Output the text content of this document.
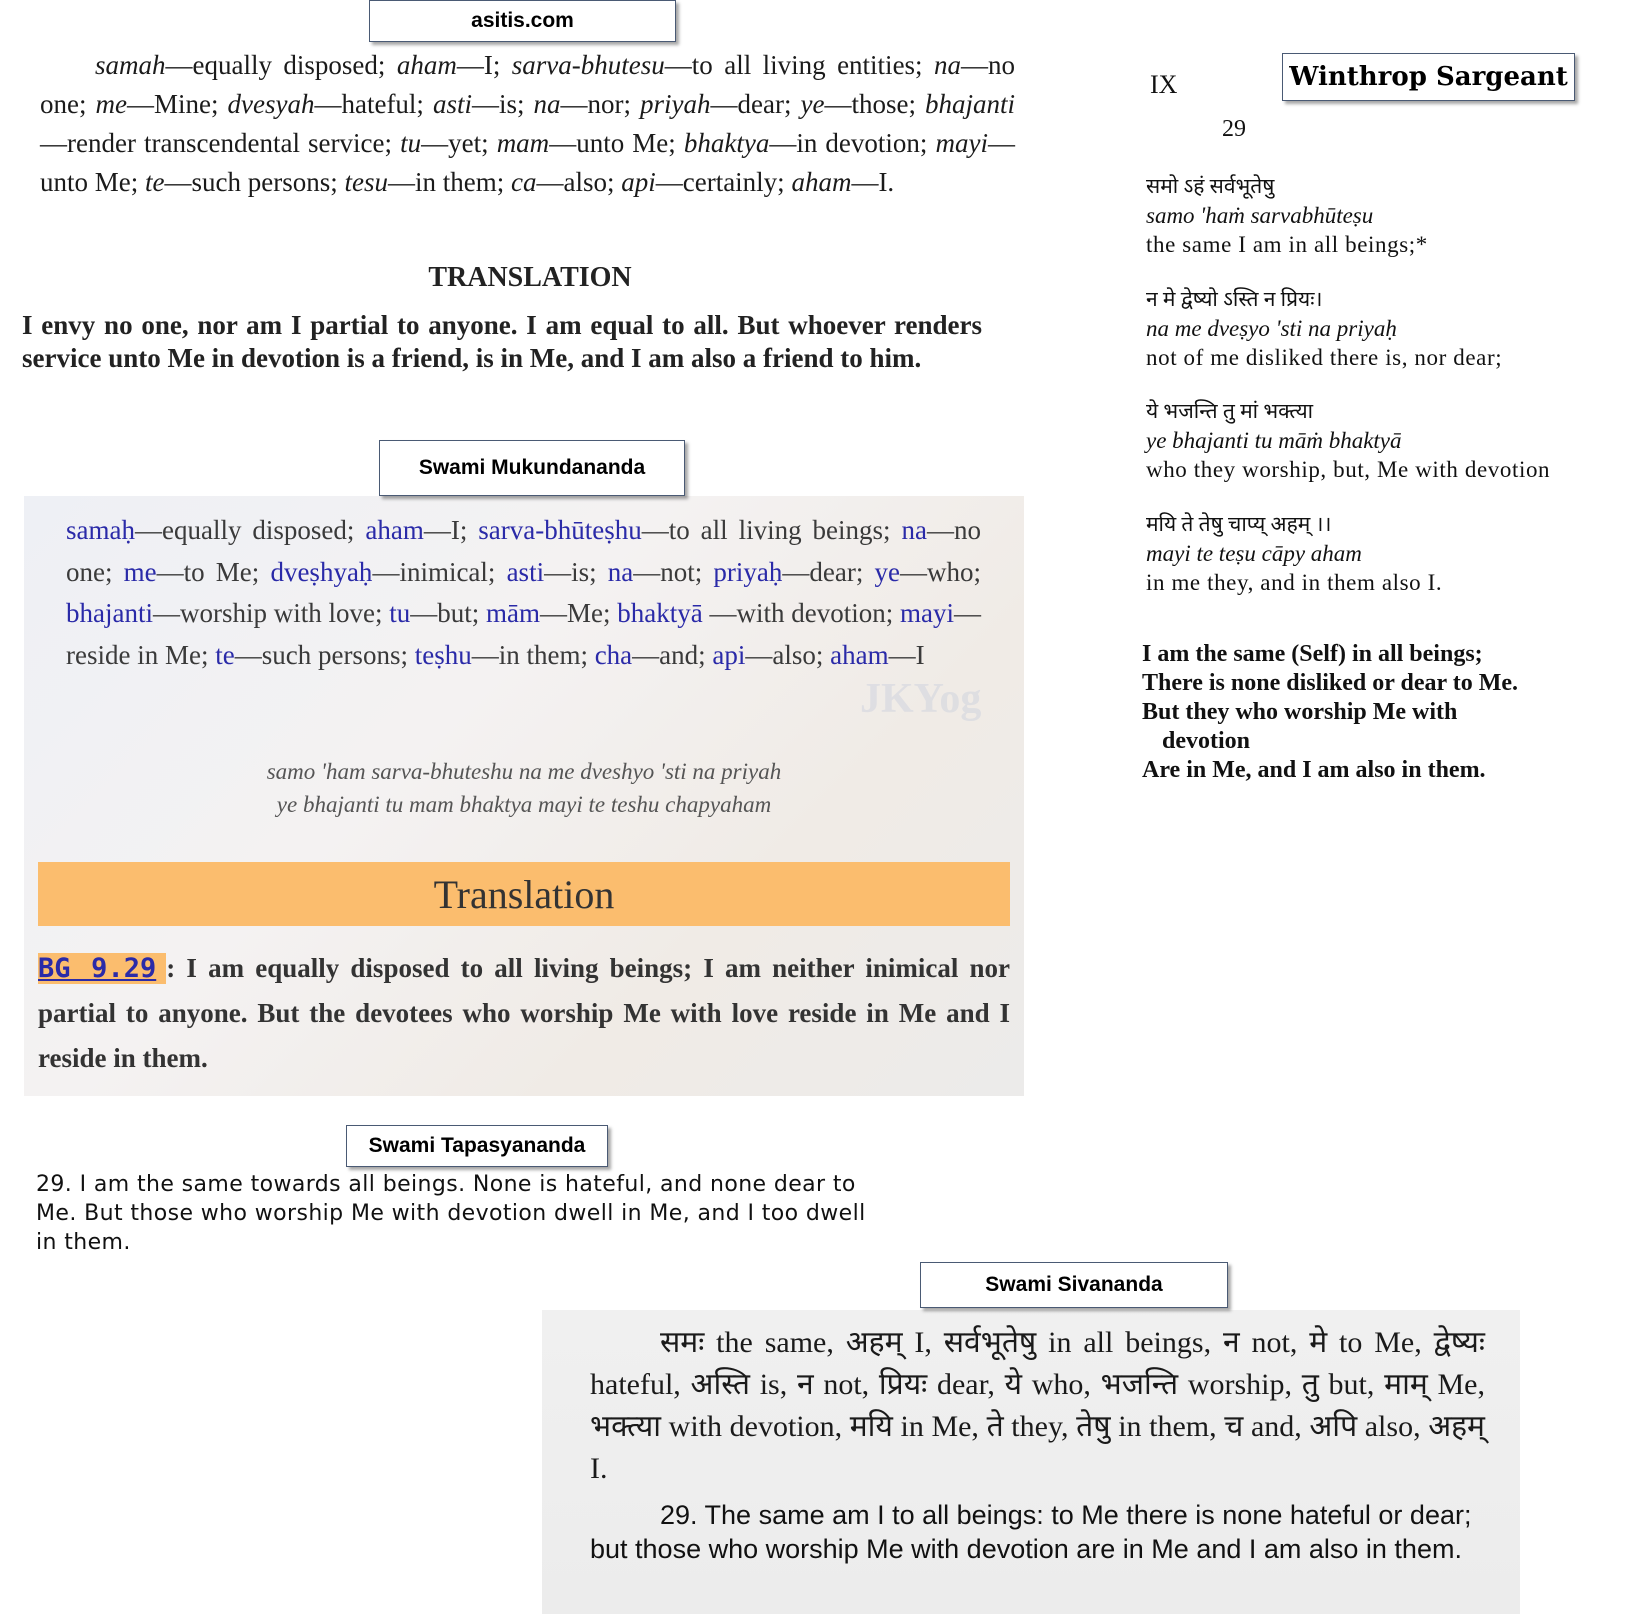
asitis.com

samah—equally disposed; aham—I; sarva-bhutesu—to all living entities; na—no one; me—Mine; dvesyah—hateful; asti—is; na—nor; priyah—dear; ye—those; bhajanti—render transcendental service; tu—yet; mam—unto Me; bhaktya—in devotion; mayi—unto Me; te—such persons; tesu—in them; ca—also; api—certainly; aham—I.

TRANSLATION

I envy no one, nor am I partial to anyone. I am equal to all. But whoever renders service unto Me in devotion is a friend, is in Me, and I am also a friend to him.

Swami Mukundananda

samaḥ—equally disposed; aham—I; sarva-bhūteṣhu—to all living beings; na—no one; me—to Me; dveṣhyaḥ—inimical; asti—is; na—not; priyaḥ—dear; ye—who; bhajanti—worship with love; tu—but; mām—Me; bhaktyā —with devotion; mayi—reside in Me; te—such persons; teṣhu—in them; cha—and; api—also; aham—I

JKYog
samo 'ham sarva-bhuteshu na me dveshyo 'sti na priyah
ye bhajanti tu mam bhaktya mayi te teshu chapyaham
Translation

BG 9.29 : I am equally disposed to all living beings; I am neither inimical nor partial to anyone. But the devotees who worship Me with love reside in Me and I reside in them.

Swami Tapasyananda

29. I am the same towards all beings. None is hateful, and none dear to Me. But those who worship Me with devotion dwell in Me, and I too dwell in them.

IX	Winthrop Sargeant
29
समो ऽहं सर्वभूतेषु
samo 'haṁ sarvabhūteṣu
the same I am in all beings;*
न मे द्वेष्यो ऽस्ति न प्रियः।
na me dveṣyo 'sti na priyaḥ
not of me disliked there is, nor dear;
ये भजन्ति तु मां भक्त्या
ye bhajanti tu māṁ bhaktyā
who they worship, but, Me with devotion
मयि ते तेषु चाप्य् अहम् ।।
mayi te teṣu cāpy aham
in me they, and in them also I.
I am the same (Self) in all beings;
There is none disliked or dear to Me.
But they who worship Me with
devotion
Are in Me, and I am also in them.
Swami Sivananda

समः the same, अहम् I, सर्वभूतेषु in all beings, न not, मे to Me, द्वेष्यः hateful, अस्ति is, न not, प्रियः dear, ये who, भजन्ति worship, तु but, माम् Me, भक्त्या with devotion, मयि in Me, ते they, तेषु in them, च and, अपि also, अहम् I.

29. The same am I to all beings: to Me there is none hateful or dear; but those who worship Me with devotion are in Me and I am also in them.
